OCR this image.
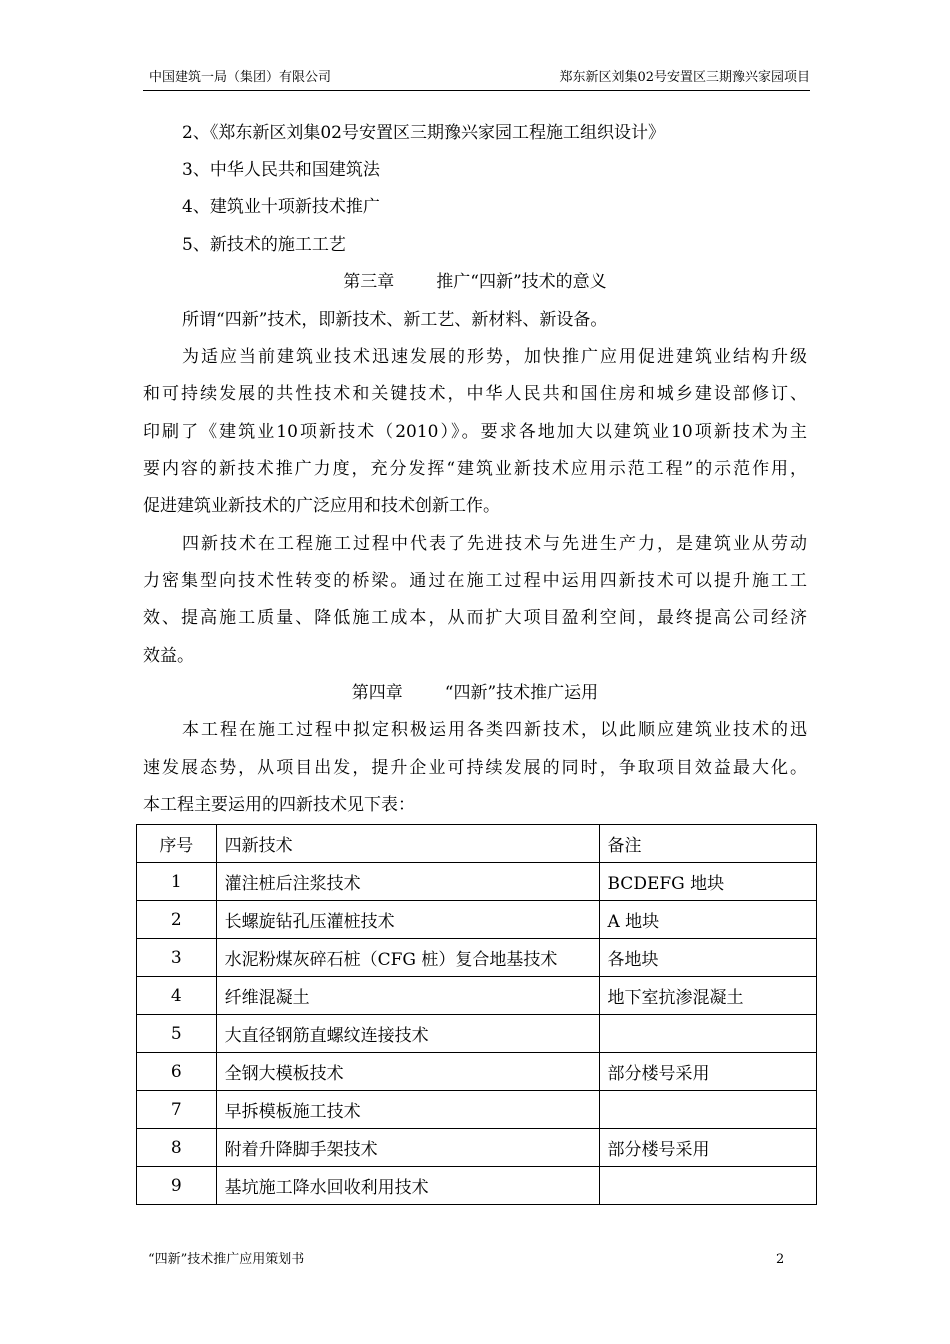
中国建筑一局（集团）有限公司	郑东新区刘集02号安置区三期豫兴家园项目
2、《郑东新区刘集02号安置区三期豫兴家园工程施工组织设计》
3、中华人民共和国建筑法
4、建筑业十项新技术推广
5、新技术的施工工艺
第三章 推广“四新”技术的意义
所谓“四新”技术，即新技术、新工艺、新材料、新设备。
为适应当前建筑业技术迅速发展的形势，加快推广应用促进建筑业结构升级
和可持续发展的共性技术和关键技术，中华人民共和国住房和城乡建设部修订、
印刷了《建筑业10项新技术（2010）》。要求各地加大以建筑业10项新技术为主
要内容的新技术推广力度，充分发挥“建筑业新技术应用示范工程”的示范作用，
促进建筑业新技术的广泛应用和技术创新工作。
四新技术在工程施工过程中代表了先进技术与先进生产力，是建筑业从劳动
力密集型向技术性转变的桥梁。通过在施工过程中运用四新技术可以提升施工工
效、提高施工质量、降低施工成本，从而扩大项目盈利空间，最终提高公司经济
效益。
第四章 “四新”技术推广运用
本工程在施工过程中拟定积极运用各类四新技术，以此顺应建筑业技术的迅
速发展态势，从项目出发，提升企业可持续发展的同时，争取项目效益最大化。
本工程主要运用的四新技术见下表：
序号	四新技术	备注
1	灌注桩后注浆技术	BCDEFG 地块
2	长螺旋钻孔压灌桩技术	A 地块
3	水泥粉煤灰碎石桩（CFG 桩）复合地基技术	各地块
4	纤维混凝土	地下室抗渗混凝土
5	大直径钢筋直螺纹连接技术	
6	全钢大模板技术	部分楼号采用
7	早拆模板施工技术	
8	附着升降脚手架技术	部分楼号采用
9	基坑施工降水回收利用技术	
“四新”技术推广应用策划书	2
